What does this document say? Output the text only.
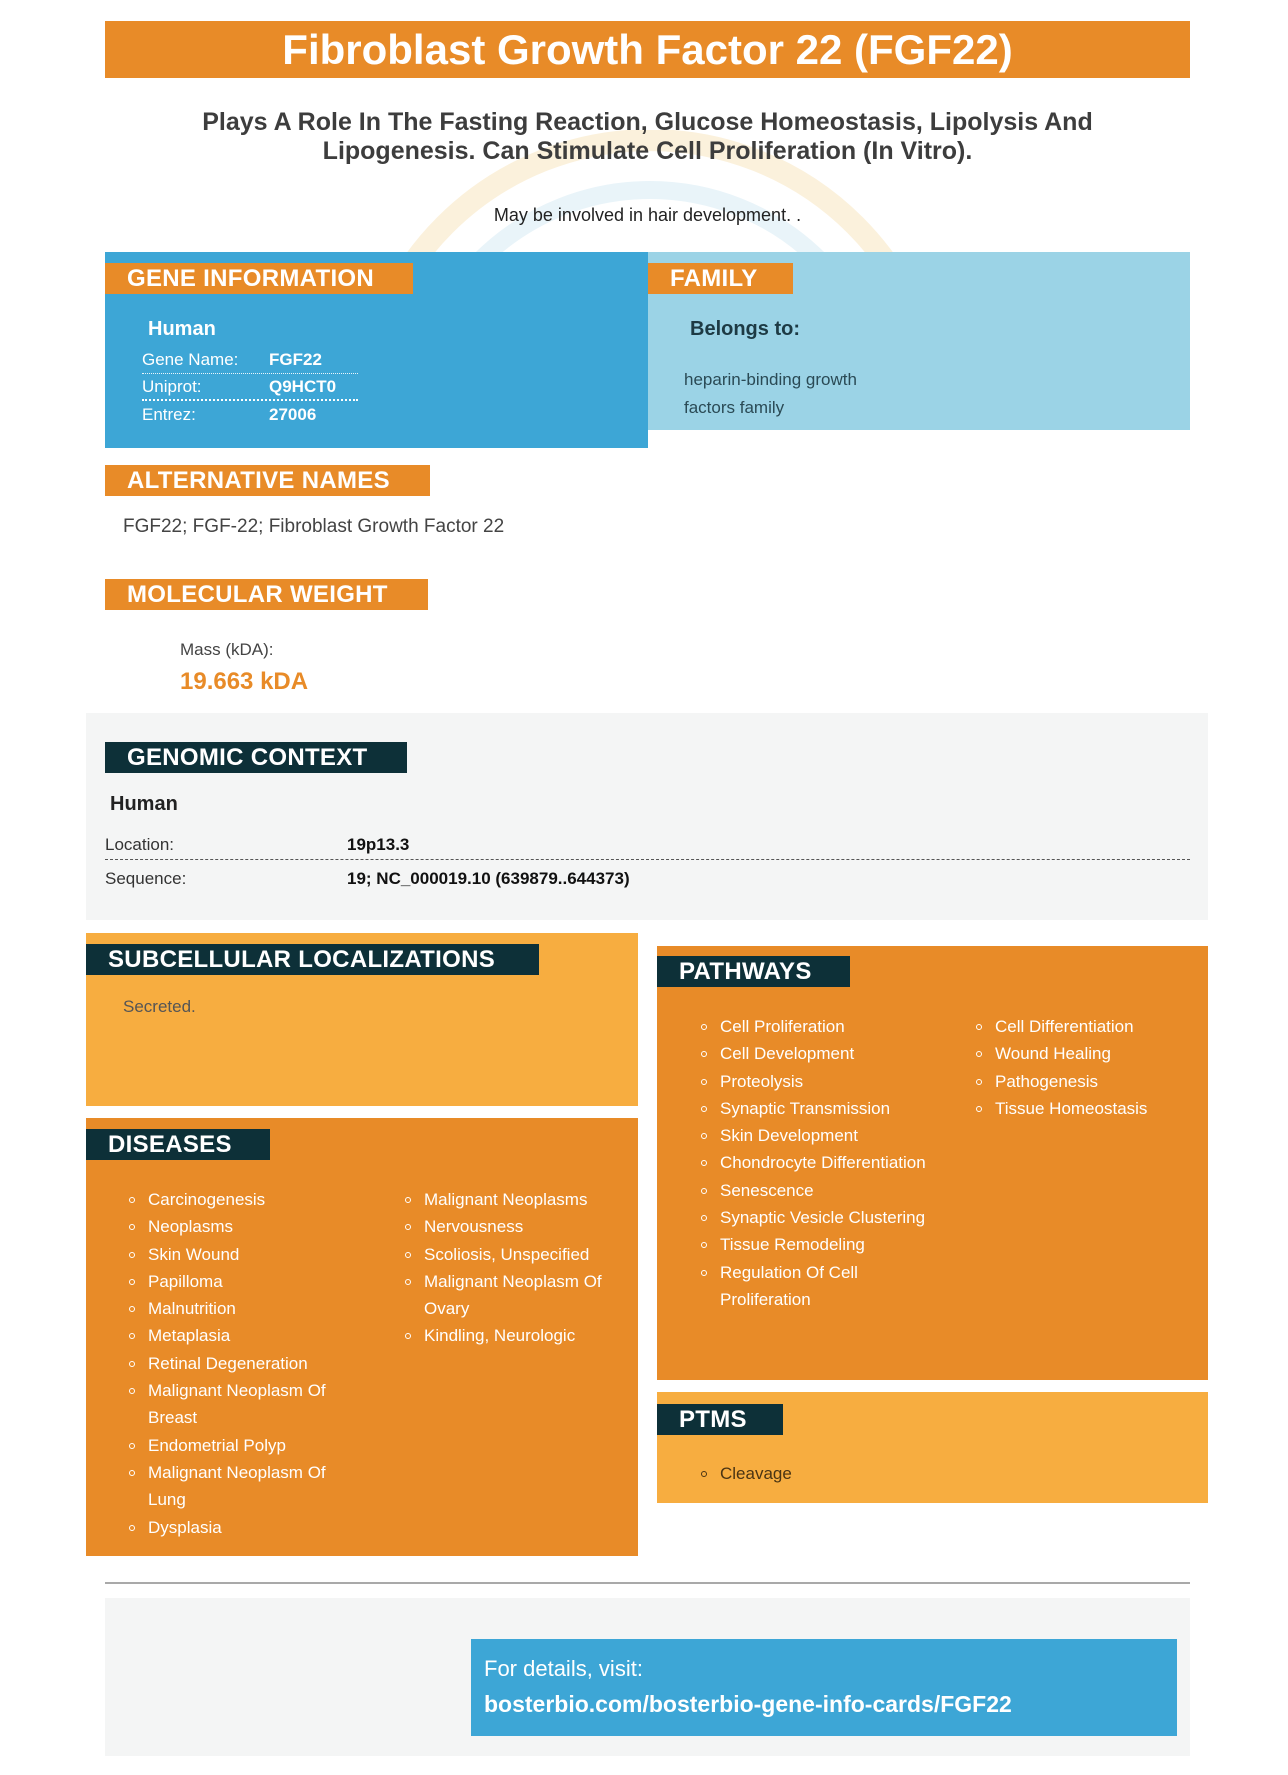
Fibroblast Growth Factor 22 (FGF22)
Plays A Role In The Fasting Reaction, Glucose Homeostasis, Lipolysis And Lipogenesis. Can Stimulate Cell Proliferation (In Vitro).
May be involved in hair development. .
GENE INFORMATION	FAMILY
Human
Gene Name: FGF22
Uniprot:	Q9HCT0
Entrez:	27006
Belongs to:
heparin-binding growth factors family
ALTERNATIVE NAMES
FGF22; FGF-22; Fibroblast Growth Factor 22
MOLECULAR WEIGHT
Mass (kDA):
19.663 kDA
GENOMIC CONTEXT
Human
Location:	19p13.3
Sequence:	19; NC_000019.10 (639879..644373)
SUBCELLULAR LOCALIZATIONS
Secreted.
DISEASES
Carcinogenesis
Neoplasms
Skin Wound
Papilloma
Malnutrition
Metaplasia
Retinal Degeneration
Malignant Neoplasm Of Breast
Endometrial Polyp
Malignant Neoplasm Of Lung
Dysplasia
Malignant Neoplasms
Nervousness
Scoliosis, Unspecified
Malignant Neoplasm Of Ovary
Kindling, Neurologic
PATHWAYS
Cell Proliferation
Cell Development
Proteolysis
Synaptic Transmission
Skin Development
Chondrocyte Differentiation
Senescence
Synaptic Vesicle Clustering
Tissue Remodeling
Regulation Of Cell Proliferation
Cell Differentiation
Wound Healing
Pathogenesis
Tissue Homeostasis
PTMS
Cleavage
For details, visit:
bosterbio.com/bosterbio-gene-info-cards/FGF22
